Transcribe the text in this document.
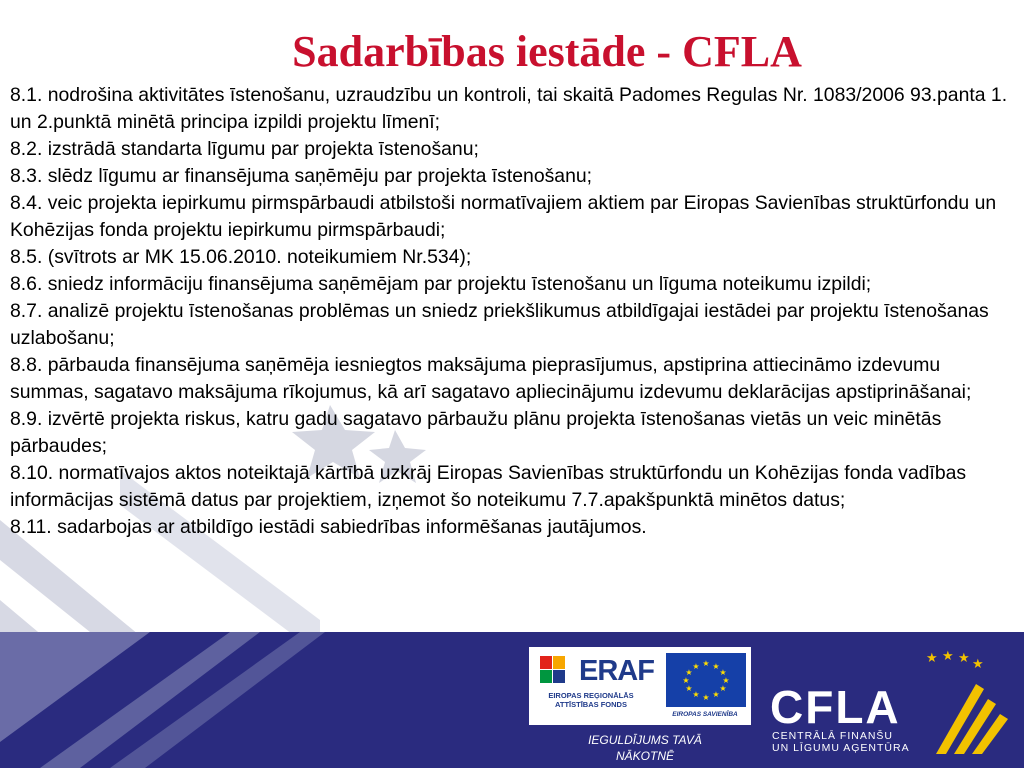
Sadarbības iestāde - CFLA

8.1. nodrošina aktivitātes īstenošanu, uzraudzību un kontroli, tai skaitā Padomes Regulas Nr. 1083/2006 93.panta 1. un 2.punktā minētā principa izpildi projektu līmenī;

8.2. izstrādā standarta līgumu par projekta īstenošanu;

8.3. slēdz līgumu ar finansējuma saņēmēju par projekta īstenošanu;

8.4. veic projekta iepirkumu pirmspārbaudi atbilstoši normatīvajiem aktiem par Eiropas Savienības struktūrfondu un Kohēzijas fonda projektu iepirkumu pirmspārbaudi;

8.5. (svītrots ar MK 15.06.2010. noteikumiem Nr.534);

8.6. sniedz informāciju finansējuma saņēmējam par projektu īstenošanu un līguma noteikumu izpildi;

8.7. analizē projektu īstenošanas problēmas un sniedz priekšlikumus atbildīgajai iestādei par projektu īstenošanas uzlabošanu;

8.8. pārbauda finansējuma saņēmēja iesniegtos maksājuma pieprasījumus, apstiprina attiecināmo izdevumu summas, sagatavo maksājuma rīkojumus, kā arī sagatavo apliecinājumu izdevumu deklarācijas apstiprināšanai;

8.9. izvērtē projekta riskus, katru gadu sagatavo pārbaužu plānu projekta īstenošanas vietās un veic minētās pārbaudes;

8.10. normatīvajos aktos noteiktajā kārtībā uzkrāj Eiropas Savienības struktūrfondu un Kohēzijas fonda vadības informācijas sistēmā datus par projektiem, izņemot šo noteikumu 7.7.apakšpunktā minētos datus;

8.11. sadarbojas ar atbildīgo iestādi sabiedrības informēšanas jautājumos.

ERAF
EIROPAS REĢIONĀLĀS
ATTĪSTĪBAS FONDS
★ ★
★
★
★
★
★
★
★
★
★
★
EIROPAS SAVIENĪBA
IEGULDĪJUMS TAVĀ
NĀKOTNĒ
★ ★ ★ ★
CFLA
CENTRĀLĀ FINANŠU
UN LĪGUMU AĢENTŪRA
